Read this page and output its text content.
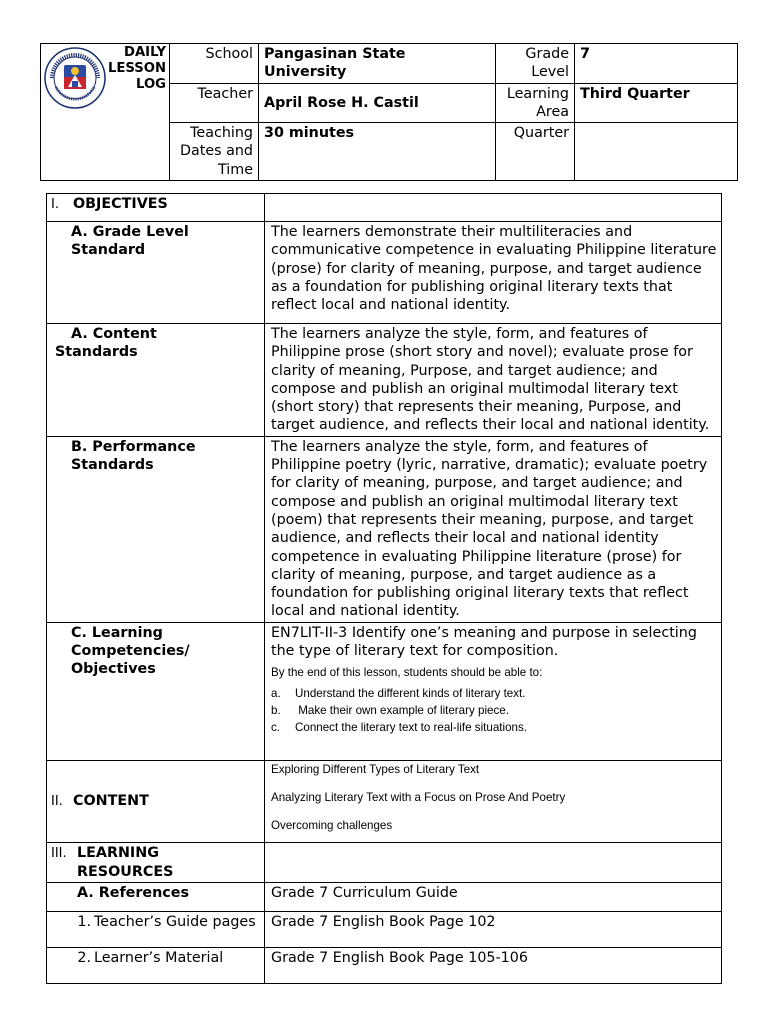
DAILY
LESSON
LOG	School	Pangasinan State University	Grade Level	7
	Teacher	April Rose H. Castil	Learning Area	Third Quarter
	Teaching Dates and Time	30 minutes	Quarter	
I. OBJECTIVES	
A. Grade Level Standard	The learners demonstrate their multiliteracies and communicative competence in evaluating Philippine literature (prose) for clarity of meaning, purpose, and target audience as a foundation for publishing original literary texts that reflect local and national identity.
A. Content Standards	The learners analyze the style, form, and features of Philippine prose (short story and novel); evaluate prose for clarity of meaning, Purpose, and target audience; and compose and publish an original multimodal literary text (short story) that represents their meaning, Purpose, and target audience, and reflects their local and national identity.
B. Performance Standards	The learners analyze the style, form, and features of Philippine poetry (lyric, narrative, dramatic); evaluate poetry for clarity of meaning, purpose, and target audience; and compose and publish an original multimodal literary text (poem) that represents their meaning, purpose, and target audience, and reflects their local and national identity competence in evaluating Philippine literature (prose) for clarity of meaning, purpose, and target audience as a foundation for publishing original literary texts that reflect local and national identity.
C. Learning Competencies/ Objectives	EN7LIT-II-3 Identify one’s meaning and purpose in selecting the type of literary text for composition.
By the end of this lesson, students should be able to:
a. Understand the different kinds of literary text.
b. Make their own example of literary piece.
c. Connect the literary text to real-life situations.

II. CONTENT	Exploring Different Types of Literary Text
Analyzing Literary Text with a Focus on Prose And Poetry
Overcoming challenges

III. LEARNING RESOURCES	
A. References	Grade 7 Curriculum Guide

1. Teacher’s Guide pages	Grade 7 English Book Page 102

2. Learner’s Material	Grade 7 English Book Page 105-106
